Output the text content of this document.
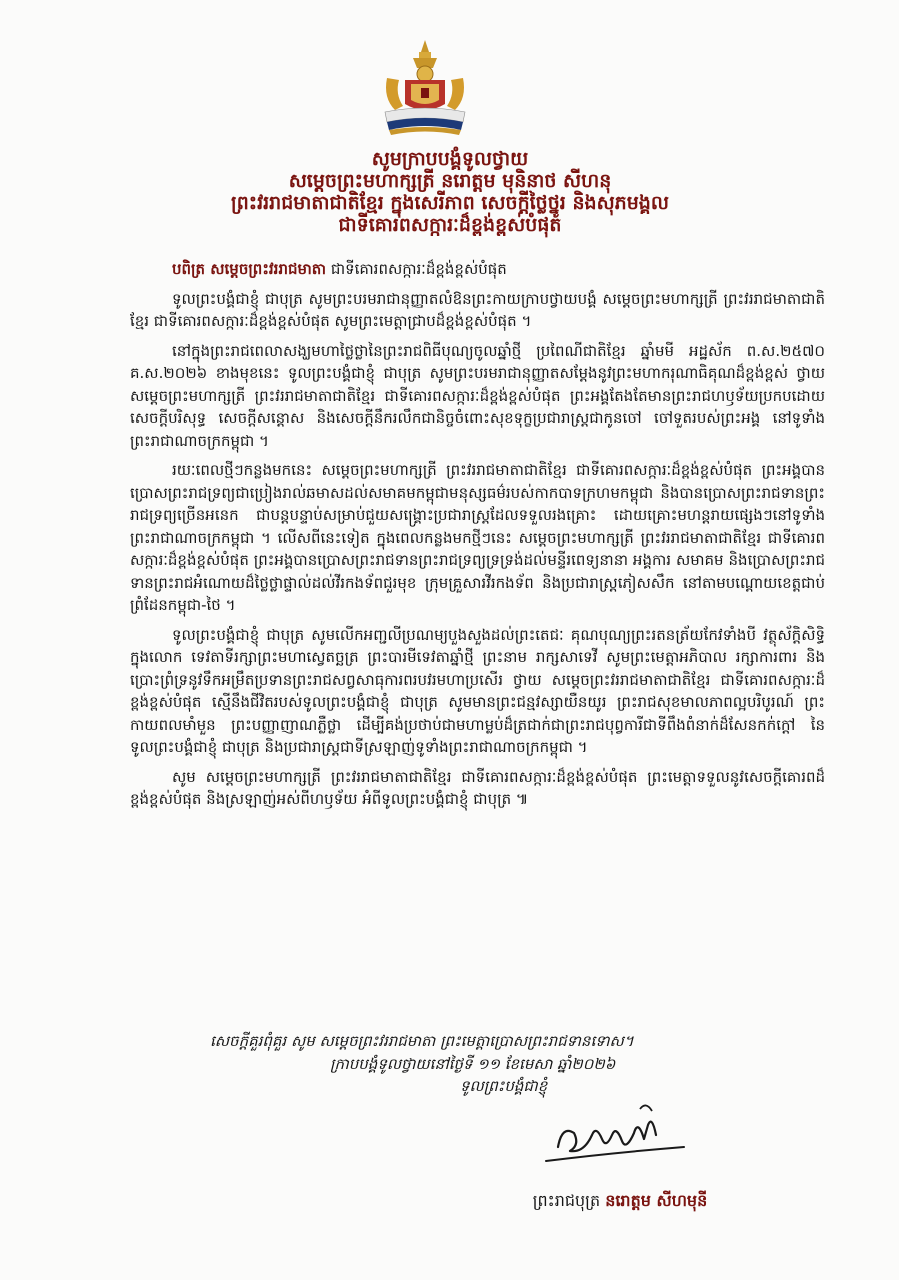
សូមក្រាបបង្គំទូលថ្វាយ
សម្តេចព្រះមហាក្សត្រី នរោត្តម មុនិនាថ សីហនុ
ព្រះវររាជមាតាជាតិខ្មែរ ក្នុងសេរីភាព សេចក្តីថ្លៃថ្នូរ និងសុភមង្គល
ជាទីគោរពសក្ការៈដ៏ខ្ពង់ខ្ពស់បំផុត

បពិត្រ សម្តេចព្រះវររាជមាតា ជាទីគោរពសក្ការៈដ៏ខ្ពង់ខ្ពស់បំផុត

ទូលព្រះបង្គំជាខ្ញុំ ជាបុត្រ សូមព្រះបរមរាជានុញ្ញាតលំឱនព្រះកាយក្រាបថ្វាយបង្គំ សម្តេចព្រះមហាក្សត្រី ព្រះវររាជមាតាជាតិខ្មែរ ជាទីគោរពសក្ការៈដ៏ខ្ពង់ខ្ពស់បំផុត សូមព្រះមេត្តាជ្រាបដ៏ខ្ពង់ខ្ពស់បំផុត ។

នៅក្នុងព្រះរាជពេលាសង្ឃមហាថ្លៃថ្លានៃព្រះរាជពិធីបុណ្យចូលឆ្នាំថ្មី ប្រពៃណីជាតិខ្មែរ ឆ្នាំមមី អដ្ឋស័ក ព.ស.២៥៧០ គ.ស.២០២៦ ខាងមុខនេះ ទូលព្រះបង្គំជាខ្ញុំ ជាបុត្រ សូមព្រះបរមរាជានុញ្ញាតសម្តែងនូវព្រះមហាករុណាធិគុណដ៏ខ្ពង់ខ្ពស់ ថ្វាយ សម្តេចព្រះមហាក្សត្រី ព្រះវររាជមាតាជាតិខ្មែរ ជាទីគោរពសក្ការៈដ៏ខ្ពង់ខ្ពស់បំផុត ព្រះអង្គតែងតែមានព្រះរាជហឫទ័យប្រកបដោយសេចក្តីបរិសុទ្ធ សេចក្តីសន្តោស និងសេចក្តីនឹករលឹកជានិច្ចចំពោះសុខទុក្ខប្រជារាស្ត្រជាកូនចៅ ចៅទួតរបស់ព្រះអង្គ នៅទូទាំងព្រះរាជាណាចក្រកម្ពុជា ។

រយៈពេលថ្មីៗកន្លងមកនេះ សម្តេចព្រះមហាក្សត្រី ព្រះវររាជមាតាជាតិខ្មែរ ជាទីគោរពសក្ការៈដ៏ខ្ពង់ខ្ពស់បំផុត ព្រះអង្គបានប្រោសព្រះរាជទ្រព្យជាប្រៀងរាល់ឆមាសដល់សមាគមកម្ពុជាមនុស្សធម៌របស់កាកបាទក្រហមកម្ពុជា និងបានប្រោសព្រះរាជទានព្រះរាជទ្រព្យច្រើនអនេក ជាបន្តបន្ទាប់សម្រាប់ជួយសង្គ្រោះប្រជារាស្ត្រដែលទទួលរងគ្រោះ ដោយគ្រោះមហន្តរាយផ្សេងៗនៅទូទាំងព្រះរាជាណាចក្រកម្ពុជា ។ លើសពីនេះទៀត ក្នុងពេលកន្លងមកថ្មីៗនេះ សម្តេចព្រះមហាក្សត្រី ព្រះវររាជមាតាជាតិខ្មែរ ជាទីគោរពសក្ការៈដ៏ខ្ពង់ខ្ពស់បំផុត ព្រះអង្គបានប្រោសព្រះរាជទានព្រះរាជទ្រព្យទ្រទ្រង់ដល់មន្ទីរពេទ្យនានា អង្គការ សមាគម និងប្រោសព្រះរាជទានព្រះរាជអំណោយដ៏ថ្លៃថ្លាផ្ទាល់ដល់វីរកងទ័ពជួរមុខ ក្រុមគ្រួសារវីរកងទ័ព និងប្រជារាស្ត្រភៀសសឹក នៅតាមបណ្តោយខេត្តជាប់ព្រំដែនកម្ពុជា-ថៃ ។

ទូលព្រះបង្គំជាខ្ញុំ ជាបុត្រ សូមលើកអញ្ជលីប្រណម្យបួងសួងដល់ព្រះតេជៈ គុណបុណ្យព្រះរតនត្រ័យកែវទាំងបី វត្ថុស័ក្តិសិទ្ធិក្នុងលោក ទេវតាទីរក្សាព្រះមហាស្វេតច្ឆត្រ ព្រះបារមីទេវតាឆ្នាំថ្មី ព្រះនាម រាក្សសាទេវី សូមព្រះមេត្តាអភិបាល រក្សាការពារ និងប្រោះព្រំទ្រនូវទឹកអម្រឹតប្រទានព្រះរាជសព្វសាធុការពរបវរមហាប្រសើរ ថ្វាយ សម្តេចព្រះវររាជមាតាជាតិខ្មែរ ជាទីគោរពសក្ការៈដ៏ខ្ពង់ខ្ពស់បំផុត ស្មើនឹងជីវិតរបស់ទូលព្រះបង្គំជាខ្ញុំ ជាបុត្រ សូមមានព្រះជន្មវស្សាយឺនយូរ ព្រះរាជសុខមាលភាពល្អបរិបូរណ៍ ព្រះកាយពលមាំមួន ព្រះបញ្ញាញាណភ្លឺថ្លា ដើម្បីគង់ប្រថាប់ជាមហាម្លប់ដ៏ត្រជាក់ជាព្រះរាជបុព្វការីជាទីពឹងពំនាក់ដ៏សែនកក់ក្តៅ នៃទូលព្រះបង្គំជាខ្ញុំ ជាបុត្រ និងប្រជារាស្ត្រជាទីស្រឡាញ់ទូទាំងព្រះរាជាណាចក្រកម្ពុជា ។

សូម សម្តេចព្រះមហាក្សត្រី ព្រះវររាជមាតាជាតិខ្មែរ ជាទីគោរពសក្ការៈដ៏ខ្ពង់ខ្ពស់បំផុត ព្រះមេត្តាទទួលនូវសេចក្តីគោរពដ៏ខ្ពង់ខ្ពស់បំផុត និងស្រឡាញ់អស់ពីហឫទ័យ អំពីទូលព្រះបង្គំជាខ្ញុំ ជាបុត្រ ៕

សេចក្តីគួរពុំគួរ សូម សម្តេចព្រះវររាជមាតា ព្រះមេត្តាប្រោសព្រះរាជទានទោស។
ក្រាបបង្គំទូលថ្វាយនៅថ្ងៃទី ១១ ខែមេសា ឆ្នាំ២០២៦
ទូលព្រះបង្គំជាខ្ញុំ
ព្រះរាជបុត្រ នរោត្តម សីហមុនី
